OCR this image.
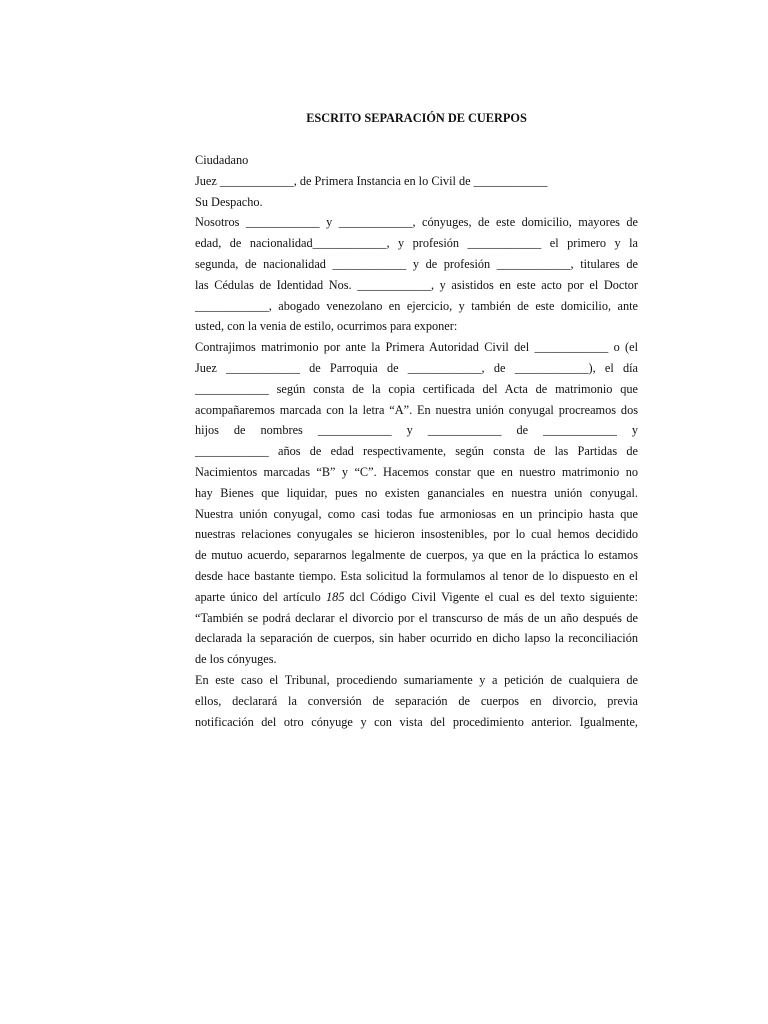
ESCRITO SEPARACIÓN DE CUERPOS

Ciudadano

Juez ____________, de Primera Instancia en lo Civil de ____________

Su Despacho.

Nosotros ____________ y ____________, cónyuges, de este domicilio, mayores de
edad, de nacionalidad____________, y profesión ____________ el primero y la
segunda, de nacionalidad ____________ y de profesión ____________, titulares de
las Cédulas de Identidad Nos. ____________, y asistidos en este acto por el Doctor
____________, abogado venezolano en ejercicio, y también de este domicilio, ante
usted, con la venia de estilo, ocurrimos para exponer:
Contrajimos matrimonio por ante la Primera Autoridad Civil del ____________ o (el
Juez ____________ de Parroquia de ____________, de ____________), el día
____________ según consta de la copia certificada del Acta de matrimonio que
acompañaremos marcada con la letra “A”. En nuestra unión conyugal procreamos dos
hijos de nombres ____________ y ____________ de ____________ y
____________ años de edad respectivamente, según consta de las Partidas de
Nacimientos marcadas “B” y “C”. Hacemos constar que en nuestro matrimonio no
hay Bienes que liquidar, pues no existen gananciales en nuestra unión conyugal.
Nuestra unión conyugal, como casi todas fue armoniosas en un principio hasta que
nuestras relaciones conyugales se hicieron insostenibles, por lo cual hemos decidido
de mutuo acuerdo, separarnos legalmente de cuerpos, ya que en la práctica lo estamos
desde hace bastante tiempo. Esta solicitud la formulamos al tenor de lo dispuesto en el
aparte único del artículo 185 dcl Código Civil Vigente el cual es del texto siguiente:
“También se podrá declarar el divorcio por el transcurso de más de un año después de
declarada la separación de cuerpos, sin haber ocurrido en dicho lapso la reconciliación
de los cónyuges.
En este caso el Tribunal, procediendo sumariamente y a petición de cualquiera de
ellos, declarará la conversión de separación de cuerpos en divorcio, previa
notificación del otro cónyuge y con vista del procedimiento anterior. Igualmente,
